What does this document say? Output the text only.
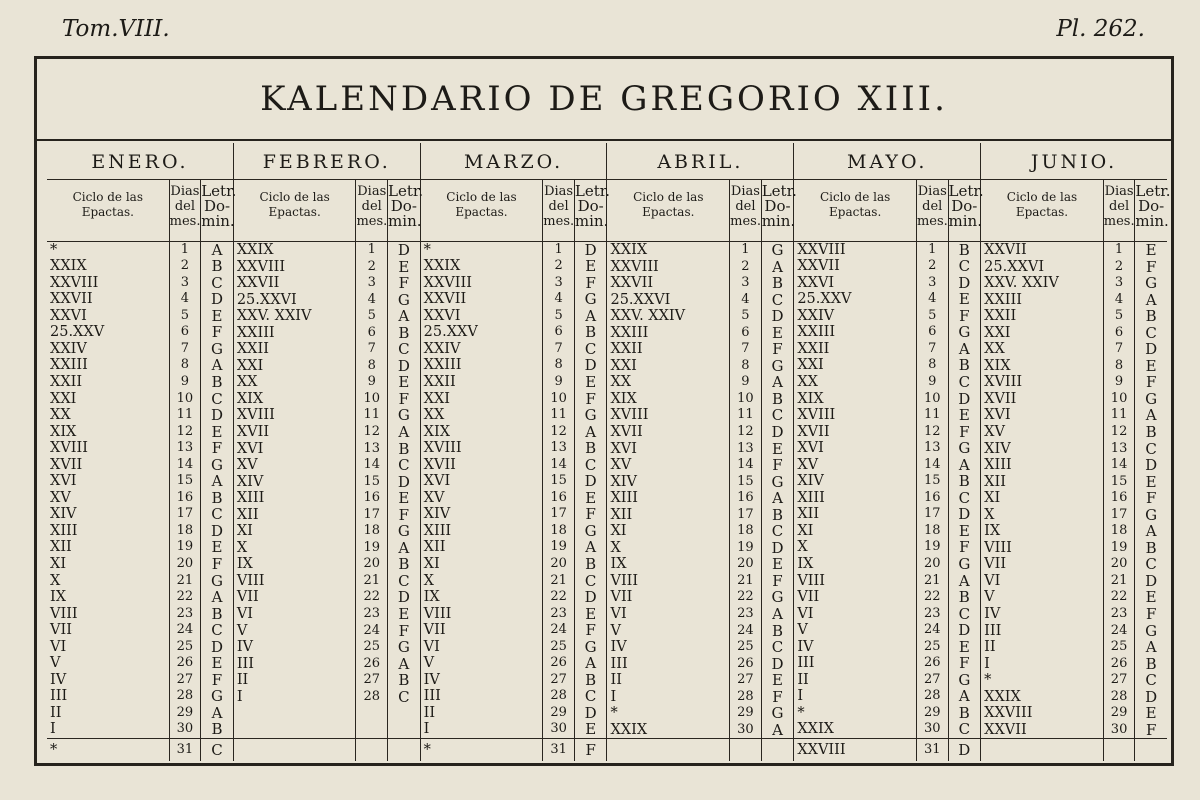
Tom.VIII.	Pl. 262.
KALENDARIO DE GREGORIO XIII.
ENERO.
Ciclo de las Epactas.
Dias del mes.
Letr. Do- min.
*	1	A
XXIX	2	B
XXVIII	3	C
XXVII	4	D
XXVI	5	E
25.XXV	6	F
XXIV	7	G
XXIII	8	A
XXII	9	B
XXI	10	C
XX	11	D
XIX	12	E
XVIII	13	F
XVII	14	G
XVI	15	A
XV	16	B
XIV	17	C
XIII	18	D
XII	19	E
XI	20	F
X	21	G
IX	22	A
VIII	23	B
VII	24	C
VI	25	D
V	26	E
IV	27	F
III	28	G
II	29	A
I	30	B
*	31	C
FEBRERO.
Ciclo de las Epactas.
Dias del mes.
Letr. Do- min.
XXIX	1	D
XXVIII	2	E
XXVII	3	F
25.XXVI	4	G
XXV. XXIV	5	A
XXIII	6	B
XXII	7	C
XXI	8	D
XX	9	E
XIX	10	F
XVIII	11	G
XVII	12	A
XVI	13	B
XV	14	C
XIV	15	D
XIII	16	E
XII	17	F
XI	18	G
X	19	A
IX	20	B
VIII	21	C
VII	22	D
VI	23	E
V	24	F
IV	25	G
III	26	A
II	27	B
I	28	C
MARZO.
Ciclo de las Epactas.
Dias del mes.
Letr. Do- min.
*	1	D
XXIX	2	E
XXVIII	3	F
XXVII	4	G
XXVI	5	A
25.XXV	6	B
XXIV	7	C
XXIII	8	D
XXII	9	E
XXI	10	F
XX	11	G
XIX	12	A
XVIII	13	B
XVII	14	C
XVI	15	D
XV	16	E
XIV	17	F
XIII	18	G
XII	19	A
XI	20	B
X	21	C
IX	22	D
VIII	23	E
VII	24	F
VI	25	G
V	26	A
IV	27	B
III	28	C
II	29	D
I	30	E
*	31	F
ABRIL.
Ciclo de las Epactas.
Dias del mes.
Letr. Do- min.
XXIX	1	G
XXVIII	2	A
XXVII	3	B
25.XXVI	4	C
XXV. XXIV	5	D
XXIII	6	E
XXII	7	F
XXI	8	G
XX	9	A
XIX	10	B
XVIII	11	C
XVII	12	D
XVI	13	E
XV	14	F
XIV	15	G
XIII	16	A
XII	17	B
XI	18	C
X	19	D
IX	20	E
VIII	21	F
VII	22	G
VI	23	A
V	24	B
IV	25	C
III	26	D
II	27	E
I	28	F
*	29	G
XXIX	30	A
MAYO.
Ciclo de las Epactas.
Dias del mes.
Letr. Do- min.
XXVIII	1	B
XXVII	2	C
XXVI	3	D
25.XXV	4	E
XXIV	5	F
XXIII	6	G
XXII	7	A
XXI	8	B
XX	9	C
XIX	10	D
XVIII	11	E
XVII	12	F
XVI	13	G
XV	14	A
XIV	15	B
XIII	16	C
XII	17	D
XI	18	E
X	19	F
IX	20	G
VIII	21	A
VII	22	B
VI	23	C
V	24	D
IV	25	E
III	26	F
II	27	G
I	28	A
*	29	B
XXIX	30	C
XXVIII	31	D
JUNIO.
Ciclo de las Epactas.
Dias del mes.
Letr. Do- min.
XXVII	1	E
25.XXVI	2	F
XXV. XXIV	3	G
XXIII	4	A
XXII	5	B
XXI	6	C
XX	7	D
XIX	8	E
XVIII	9	F
XVII	10	G
XVI	11	A
XV	12	B
XIV	13	C
XIII	14	D
XII	15	E
XI	16	F
X	17	G
IX	18	A
VIII	19	B
VII	20	C
VI	21	D
V	22	E
IV	23	F
III	24	G
II	25	A
I	26	B
*	27	C
XXIX	28	D
XXVIII	29	E
XXVII	30	F
